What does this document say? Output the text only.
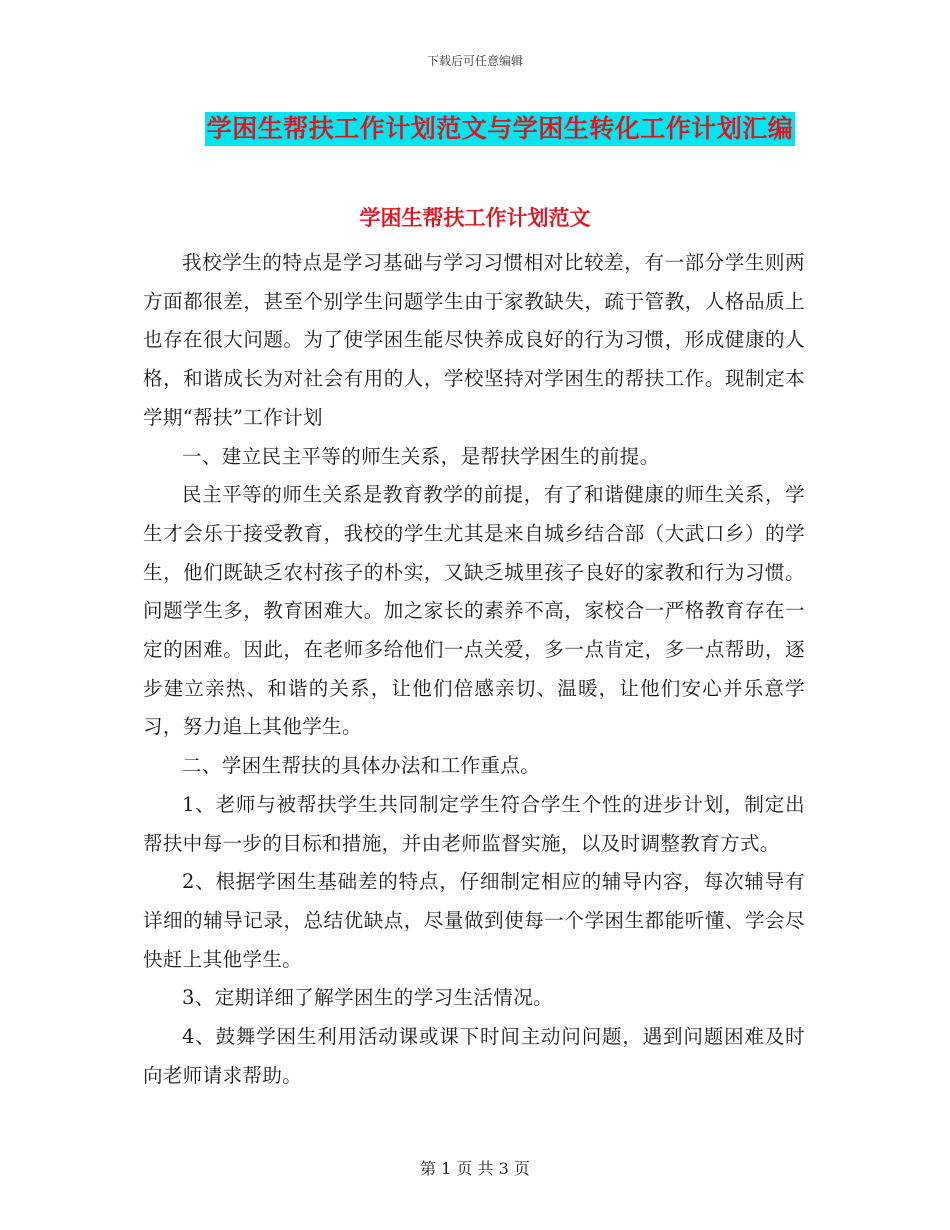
下载后可任意编辑
学困生帮扶工作计划范文与学困生转化工作计划汇编
学困生帮扶工作计划范文

我校学生的特点是学习基础与学习习惯相对比较差，有一部分学生则两方面都很差，甚至个别学生问题学生由于家教缺失，疏于管教，人格品质上也存在很大问题。为了使学困生能尽快养成良好的行为习惯，形成健康的人格，和谐成长为对社会有用的人，学校坚持对学困生的帮扶工作。现制定本学期“帮扶”工作计划

一、建立民主平等的师生关系，是帮扶学困生的前提。

民主平等的师生关系是教育教学的前提，有了和谐健康的师生关系，学生才会乐于接受教育，我校的学生尤其是来自城乡结合部（大武口乡）的学生，他们既缺乏农村孩子的朴实，又缺乏城里孩子良好的家教和行为习惯。问题学生多，教育困难大。加之家长的素养不高，家校合一严格教育存在一定的困难。因此，在老师多给他们一点关爱，多一点肯定，多一点帮助，逐步建立亲热、和谐的关系，让他们倍感亲切、温暖，让他们安心并乐意学习，努力追上其他学生。

二、学困生帮扶的具体办法和工作重点。

1、老师与被帮扶学生共同制定学生符合学生个性的进步计划，制定出帮扶中每一步的目标和措施，并由老师监督实施，以及时调整教育方式。

2、根据学困生基础差的特点，仔细制定相应的辅导内容，每次辅导有详细的辅导记录，总结优缺点，尽量做到使每一个学困生都能听懂、学会尽快赶上其他学生。

3、定期详细了解学困生的学习生活情况。

4、鼓舞学困生利用活动课或课下时间主动问问题，遇到问题困难及时向老师请求帮助。

第 1 页 共 3 页
